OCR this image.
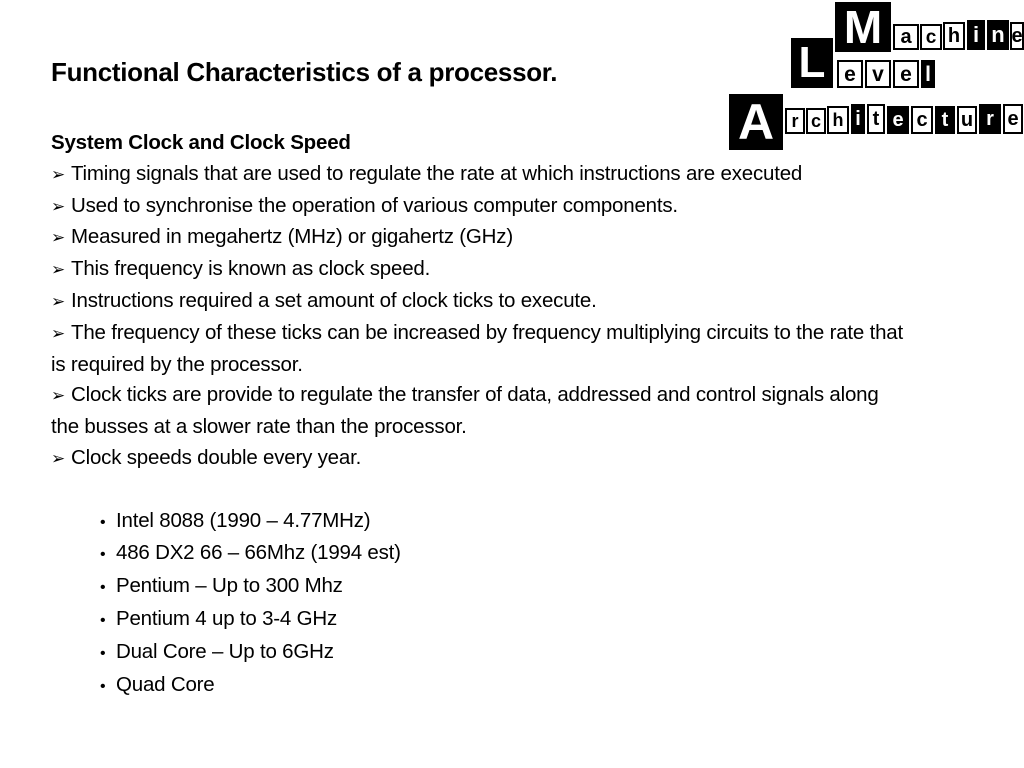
Functional Characteristics of a processor.
M a c h i n e
L e v e l
A r c h i t e c t u r e
System Clock and Clock Speed

➢ Timing signals that are used to regulate the rate at which instructions are executed

➢ Used to synchronise the operation of various computer components.

➢ Measured in megahertz (MHz) or gigahertz (GHz)

➢ This frequency is known as clock speed.

➢ Instructions required a set amount of clock ticks to execute.

➢ The frequency of these ticks can be increased by frequency multiplying circuits to the rate that is required by the processor.

➢ Clock ticks are provide to regulate the transfer of data, addressed and control signals along the busses at a slower rate than the processor.

➢ Clock speeds double every year.

• Intel 8088 (1990 – 4.77MHz)
• 486 DX2 66 – 66Mhz (1994 est)
• Pentium – Up to 300 Mhz
• Pentium 4 up to 3-4 GHz
• Dual Core – Up to 6GHz
• Quad Core
